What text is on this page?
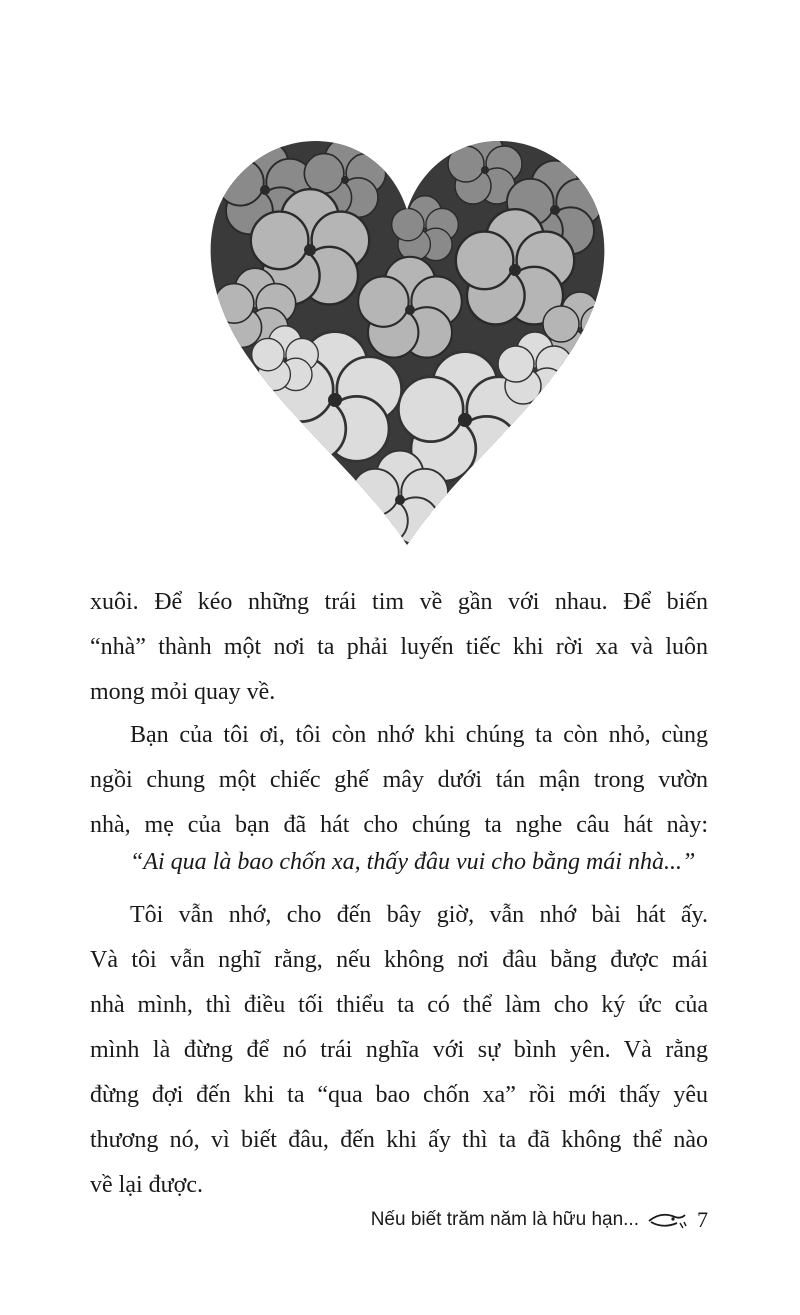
xuôi. Để kéo những trái tim về gần với nhau. Để biến
“nhà” thành một nơi ta phải luyến tiếc khi rời xa và luôn
mong mỏi quay về.

Bạn của tôi ơi, tôi còn nhớ khi chúng ta còn nhỏ, cùng
ngồi chung một chiếc ghế mây dưới tán mận trong vườn
nhà, mẹ của bạn đã hát cho chúng ta nghe câu hát này:

“Ai qua là bao chốn xa, thấy đâu vui cho bằng mái nhà...”

Tôi vẫn nhớ, cho đến bây giờ, vẫn nhớ bài hát ấy.
Và tôi vẫn nghĩ rằng, nếu không nơi đâu bằng được mái
nhà mình, thì điều tối thiểu ta có thể làm cho ký ức của
mình là đừng để nó trái nghĩa với sự bình yên. Và rằng
đừng đợi đến khi ta “qua bao chốn xa” rồi mới thấy yêu
thương nó, vì biết đâu, đến khi ấy thì ta đã không thể nào
về lại được.

Nếu biết trăm năm là hữu hạn...	7
